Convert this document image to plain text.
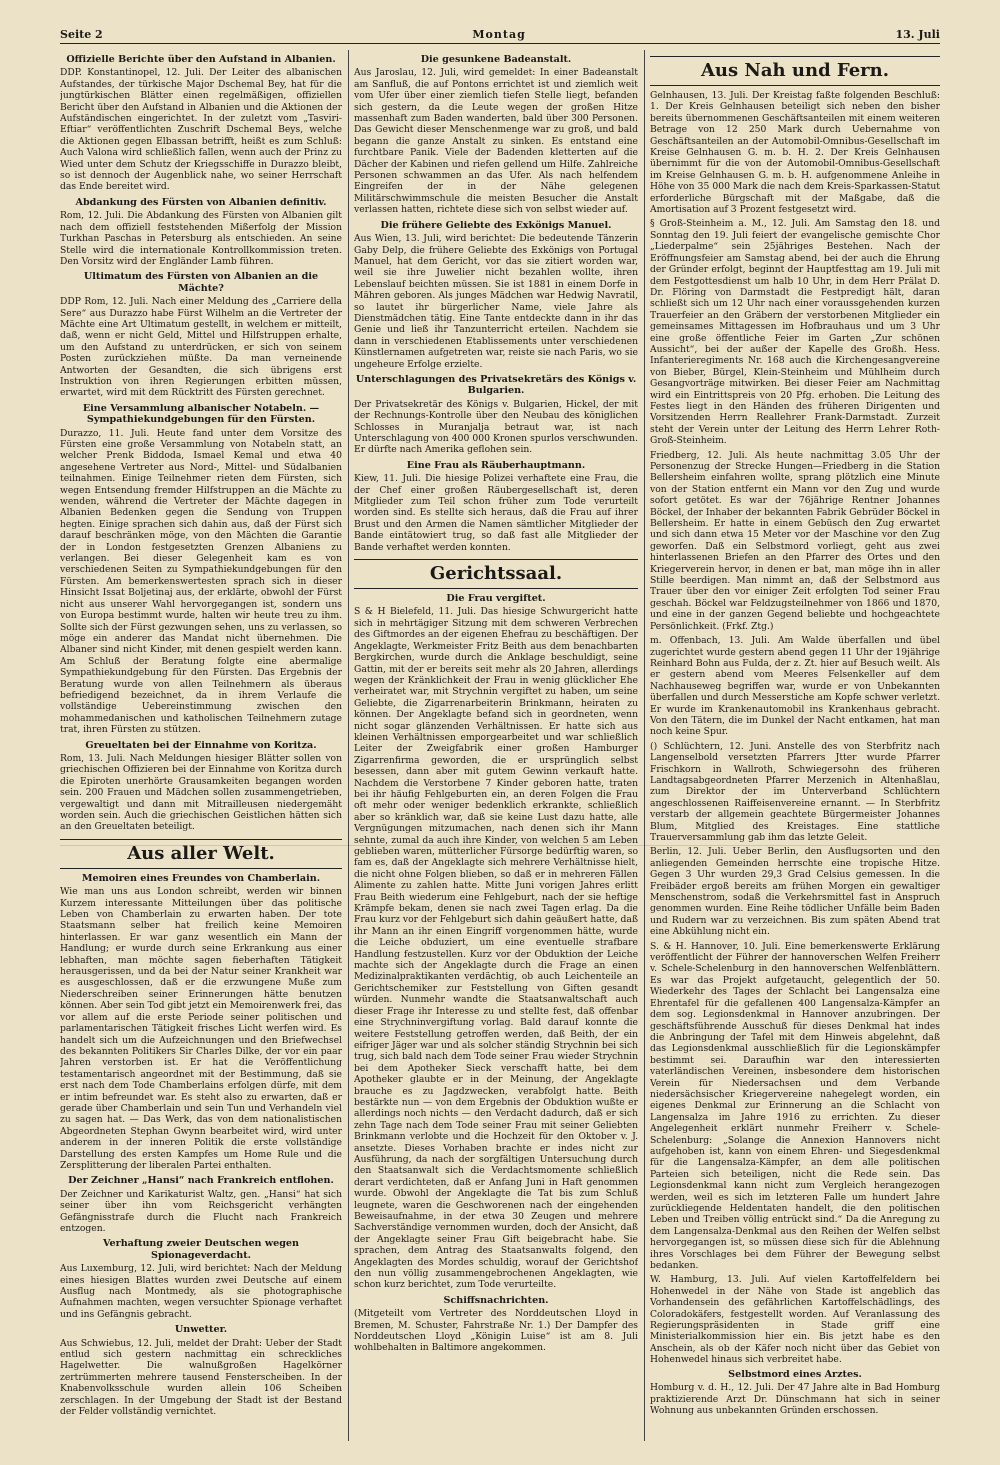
Seite 2	Montag	13. Juli
Offizielle Berichte über den Aufstand in Albanien.

DDP. Konstantinopel, 12. Juli. Der Leiter des albanischen Aufstandes, der türkische Major Dschemal Bey, hat für die jungtürkischen Blätter einen regelmäßigen, offiziellen Bericht über den Aufstand in Albanien und die Aktionen der Aufständischen eingerichtet. In der zuletzt vom „Tasviri-Eftiar“ veröffentlichten Zuschrift Dschemal Beys, welche die Aktionen gegen Elbassan betrifft, heißt es zum Schluß: Auch Valona wird schließlich fallen, wenn auch der Prinz zu Wied unter dem Schutz der Kriegsschiffe in Durazzo bleibt, so ist dennoch der Augenblick nahe, wo seiner Herrschaft das Ende bereitet wird.

Abdankung des Fürsten von Albanien definitiv.

Rom, 12. Juli. Die Abdankung des Fürsten von Albanien gilt nach dem offiziell feststehenden Mißerfolg der Mission Turkhan Paschas in Petersburg als entschieden. An seine Stelle wird die internationale Kontrollkommission treten. Den Vorsitz wird der Engländer Lamb führen.

Ultimatum des Fürsten von Albanien an die Mächte?

DDP Rom, 12. Juli. Nach einer Meldung des „Carriere della Sere“ aus Durazzo habe Fürst Wilhelm an die Vertreter der Mächte eine Art Ultimatum gestellt, in welchem er mitteilt, daß, wenn er nicht Geld, Mittel und Hilfstruppen erhalte, um den Aufstand zu unterdrücken, er sich von seinem Posten zurückziehen müßte. Da man verneinende Antworten der Gesandten, die sich übrigens erst Instruktion von ihren Regierungen erbitten müssen, erwartet, wird mit dem Rücktritt des Fürsten gerechnet.

Eine Versammlung albanischer Notabeln. — Sympathiekundgebungen für den Fürsten.

Durazzo, 11. Juli. Heute fand unter dem Vorsitze des Fürsten eine große Versammlung von Notabeln statt, an welcher Prenk Biddoda, Ismael Kemal und etwa 40 angesehene Vertreter aus Nord-, Mittel- und Südalbanien teilnahmen. Einige Teilnehmer rieten dem Fürsten, sich wegen Entsendung fremder Hilfstruppen an die Mächte zu wenden, während die Vertreter der Mächte dagegen in Albanien Bedenken gegen die Sendung von Truppen hegten. Einige sprachen sich dahin aus, daß der Fürst sich darauf beschränken möge, von den Mächten die Garantie der in London festgesetzten Grenzen Albaniens zu verlangen. Bei dieser Gelegenheit kam es von verschiedenen Seiten zu Sympathiekundgebungen für den Fürsten. Am bemerkenswertesten sprach sich in dieser Hinsicht Issat Boljetinaj aus, der erklärte, obwohl der Fürst nicht aus unserer Wahl hervorgegangen ist, sondern uns von Europa bestimmt wurde, halten wir heute treu zu ihm. Sollte sich der Fürst gezwungen sehen, uns zu verlassen, so möge ein anderer das Mandat nicht übernehmen. Die Albaner sind nicht Kinder, mit denen gespielt werden kann. Am Schluß der Beratung folgte eine abermalige Sympathiekundgebung für den Fürsten. Das Ergebnis der Beratung wurde von allen Teilnehmern als überaus befriedigend bezeichnet, da in ihrem Verlaufe die vollständige Uebereinstimmung zwischen den mohammedanischen und katholischen Teilnehmern zutage trat, ihren Fürsten zu stützen.

Greueltaten bei der Einnahme von Koritza.

Rom, 13. Juli. Nach Meldungen hiesiger Blätter sollen von griechischen Offizieren bei der Einnahme von Koritza durch die Epiroten unerhörte Grausamkeiten begangen worden sein. 200 Frauen und Mädchen sollen zusammengetrieben, vergewaltigt und dann mit Mitrailleusen niedergemäht worden sein. Auch die griechischen Geistlichen hätten sich an den Greueltaten beteiligt.

Aus aller Welt.
Memoiren eines Freundes von Chamberlain.

Wie man uns aus London schreibt, werden wir binnen Kurzem interessante Mitteilungen über das politische Leben von Chamberlain zu erwarten haben. Der tote Staatsmann selber hat freilich keine Memoiren hinterlassen. Er war ganz wesentlich ein Mann der Handlung; er wurde durch seine Erkrankung aus einer lebhaften, man möchte sagen fieberhaften Tätigkeit herausgerissen, und da bei der Natur seiner Krankheit war es ausgeschlossen, daß er die erzwungene Muße zum Niederschreiben seiner Erinnerungen hätte benutzen können. Aber sein Tod gibt jetzt ein Memoirenwerk frei, das vor allem auf die erste Periode seiner politischen und parlamentarischen Tätigkeit frisches Licht werfen wird. Es handelt sich um die Aufzeichnungen und den Briefwechsel des bekannten Politikers Sir Charles Dilke, der vor ein paar Jahren verstorben ist. Er hat die Veröffentlichung testamentarisch angeordnet mit der Bestimmung, daß sie erst nach dem Tode Chamberlains erfolgen dürfe, mit dem er intim befreundet war. Es steht also zu erwarten, daß er gerade über Chamberlain und sein Tun und Verhandeln viel zu sagen hat. — Das Werk, das von dem nationalistischen Abgeordneten Stephan Gwynn bearbeitet wird, wird unter anderem in der inneren Politik die erste vollständige Darstellung des ersten Kampfes um Home Rule und die Zersplitterung der liberalen Partei enthalten.

Der Zeichner „Hansi“ nach Frankreich entflohen.

Der Zeichner und Karikaturist Waltz, gen. „Hansi“ hat sich seiner über ihn vom Reichsgericht verhängten Gefängnisstrafe durch die Flucht nach Frankreich entzogen.

Verhaftung zweier Deutschen wegen Spionageverdacht.

Aus Luxemburg, 12. Juli, wird berichtet: Nach der Meldung eines hiesigen Blattes wurden zwei Deutsche auf einem Ausflug nach Montmedy, als sie photographische Aufnahmen machten, wegen versuchter Spionage verhaftet und ins Gefängnis gebracht.

Unwetter.

Aus Schwiebus, 12. Juli, meldet der Draht: Ueber der Stadt entlud sich gestern nachmittag ein schreckliches Hagelwetter. Die walnußgroßen Hagelkörner zertrümmerten mehrere tausend Fensterscheiben. In der Knabenvolksschule wurden allein 106 Scheiben zerschlagen. In der Umgebung der Stadt ist der Bestand der Felder vollständig vernichtet.

Die gesunkene Badeanstalt.

Aus Jaroslau, 12. Juli, wird gemeldet: In einer Badeanstalt am Sanfluß, die auf Pontons errichtet ist und ziemlich weit vom Ufer über einer ziemlich tiefen Stelle liegt, befanden sich gestern, da die Leute wegen der großen Hitze massenhaft zum Baden wanderten, bald über 300 Personen. Das Gewicht dieser Menschenmenge war zu groß, und bald begann die ganze Anstalt zu sinken. Es entstand eine furchtbare Panik. Viele der Badenden kletterten auf die Dächer der Kabinen und riefen gellend um Hilfe. Zahlreiche Personen schwammen an das Ufer. Als nach helfendem Eingreifen der in der Nähe gelegenen Militärschwimmschule die meisten Besucher die Anstalt verlassen hatten, richtete diese sich von selbst wieder auf.

Die frühere Geliebte des Exkönigs Manuel.

Aus Wien, 13. Juli, wird berichtet: Die bedeutende Tänzerin Gaby Delp, die frühere Geliebte des Exkönigs von Portugal Manuel, hat dem Gericht, vor das sie zitiert worden war, weil sie ihre Juwelier nicht bezahlen wollte, ihren Lebenslauf beichten müssen. Sie ist 1881 in einem Dorfe in Mähren geboren. Als junges Mädchen war Hedwig Navratil, so lautet ihr bürgerlicher Name, viele Jahre als Dienstmädchen tätig. Eine Tante entdeckte dann in ihr das Genie und ließ ihr Tanzunterricht erteilen. Nachdem sie dann in verschiedenen Etablissements unter verschiedenen Künstlernamen aufgetreten war, reiste sie nach Paris, wo sie ungeheure Erfolge erzielte.

Unterschlagungen des Privatsekretärs des Königs v. Bulgarien.

Der Privatsekretär des Königs v. Bulgarien, Hickel, der mit der Rechnungs-Kontrolle über den Neubau des königlichen Schlosses in Muranjalja betraut war, ist nach Unterschlagung von 400 000 Kronen spurlos verschwunden. Er dürfte nach Amerika geflohen sein.

Eine Frau als Räuberhauptmann.

Kiew, 11. Juli. Die hiesige Polizei verhaftete eine Frau, die der Chef einer großen Räubergesellschaft ist, deren Mitglieder zum Teil schon früher zum Tode verurteilt worden sind. Es stellte sich heraus, daß die Frau auf ihrer Brust und den Armen die Namen sämtlicher Mitglieder der Bande eintätowiert trug, so daß fast alle Mitglieder der Bande verhaftet werden konnten.

Gerichtssaal.
Die Frau vergiftet.

S & H Bielefeld, 11. Juli. Das hiesige Schwurgericht hatte sich in mehrtägiger Sitzung mit dem schweren Verbrechen des Giftmordes an der eigenen Ehefrau zu beschäftigen. Der Angeklagte, Werkmeister Fritz Beith aus dem benachbarten Bergkirchen, wurde durch die Anklage beschuldigt, seine Gattin, mit der er bereits seit mehr als 20 Jahren, allerdings wegen der Kränklichkeit der Frau in wenig glücklicher Ehe verheiratet war, mit Strychnin vergiftet zu haben, um seine Geliebte, die Zigarrenarbeiterin Brinkmann, heiraten zu können. Der Angeklagte befand sich in geordneten, wenn nicht sogar glänzenden Verhältnissen. Er hatte sich aus kleinen Verhältnissen emporgearbeitet und war schließlich Leiter der Zweigfabrik einer großen Hamburger Zigarrenfirma geworden, die er ursprünglich selbst besessen, dann aber mit gutem Gewinn verkauft hatte. Nachdem die Verstorbene 7 Kinder geboren hatte, traten bei ihr häufig Fehlgeburten ein, an deren Folgen die Frau oft mehr oder weniger bedenklich erkrankte, schließlich aber so kränklich war, daß sie keine Lust dazu hatte, alle Vergnügungen mitzumachen, nach denen sich ihr Mann sehnte, zumal da auch ihre Kinder, von welchen 5 am Leben geblieben waren, mütterlicher Fürsorge bedürftig waren, so fam es, daß der Angeklagte sich mehrere Verhältnisse hielt, die nicht ohne Folgen blieben, so daß er in mehreren Fällen Alimente zu zahlen hatte. Mitte Juni vorigen Jahres erlitt Frau Beith wiederum eine Fehlgeburt, nach der sie heftige Krämpfe bekam, denen sie nach zwei Tagen erlag. Da die Frau kurz vor der Fehlgeburt sich dahin geäußert hatte, daß ihr Mann an ihr einen Eingriff vorgenommen hätte, wurde die Leiche obduziert, um eine eventuelle strafbare Handlung festzustellen. Kurz vor der Obduktion der Leiche machte sich der Angeklagte durch die Frage an einen Medizinalpraktikanten verdächtig, ob auch Leichenteile an Gerichtschemiker zur Feststellung von Giften gesandt würden. Nunmehr wandte die Staatsanwaltschaft auch dieser Frage ihr Interesse zu und stellte fest, daß offenbar eine Strychninvergiftung vorlag. Bald darauf konnte die weitere Feststellung getroffen werden, daß Beith, der ein eifriger Jäger war und als solcher ständig Strychnin bei sich trug, sich bald nach dem Tode seiner Frau wieder Strychnin bei dem Apotheker Sieck verschafft hatte, bei dem Apotheker glaubte er in der Meinung, der Angeklagte brauche es zu Jagdzwecken, verabfolgt hatte. Beith bestärkte nun — von dem Ergebnis der Obduktion wußte er allerdings noch nichts — den Verdacht dadurch, daß er sich zehn Tage nach dem Tode seiner Frau mit seiner Geliebten Brinkmann verlobte und die Hochzeit für den Oktober v. J. ansetzte. Dieses Vorhaben brachte er indes nicht zur Ausführung, da nach der sorgfältigen Untersuchung durch den Staatsanwalt sich die Verdachtsmomente schließlich derart verdichteten, daß er Anfang Juni in Haft genommen wurde. Obwohl der Angeklagte die Tat bis zum Schluß leugnete, waren die Geschworenen nach der eingehenden Beweisaufnahme, in der etwa 30 Zeugen und mehrere Sachverständige vernommen wurden, doch der Ansicht, daß der Angeklagte seiner Frau Gift beigebracht habe. Sie sprachen, dem Antrag des Staatsanwalts folgend, den Angeklagten des Mordes schuldig, worauf der Gerichtshof den nun völlig zusammengebrochenen Angeklagten, wie schon kurz berichtet, zum Tode verurteilte.

Schiffsnachrichten.

(Mitgeteilt vom Vertreter des Norddeutschen Lloyd in Bremen, M. Schuster, Fahrstraße Nr. 1.) Der Dampfer des Norddeutschen Lloyd „Königin Luise“ ist am 8. Juli wohlbehalten in Baltimore angekommen.

Aus Nah und Fern.

Gelnhausen, 13. Juli. Der Kreistag faßte folgenden Beschluß: 1. Der Kreis Gelnhausen beteiligt sich neben den bisher bereits übernommenen Geschäftsanteilen mit einem weiteren Betrage von 12 250 Mark durch Uebernahme von Geschäftsanteilen an der Automobil-Omnibus-Gesellschaft im Kreise Gelnhausen G. m. b. H. 2. Der Kreis Gelnhausen übernimmt für die von der Automobil-Omnibus-Gesellschaft im Kreise Gelnhausen G. m. b. H. aufgenommene Anleihe in Höhe von 35 000 Mark die nach dem Kreis-Sparkassen-Statut erforderliche Bürgschaft mit der Maßgabe, daß die Amortisation auf 3 Prozent festgesetzt wird.

§ Groß-Steinheim a. M., 12. Juli. Am Samstag den 18. und Sonntag den 19. Juli feiert der evangelische gemischte Chor „Liederpalme“ sein 25jähriges Bestehen. Nach der Eröffnungsfeier am Samstag abend, bei der auch die Ehrung der Gründer erfolgt, beginnt der Hauptfesttag am 19. Juli mit dem Festgottesdienst um halb 10 Uhr, in dem Herr Prälat D. Dr. Flöring von Darmstadt die Festpredigt hält, daran schließt sich um 12 Uhr nach einer voraussgehenden kurzen Trauerfeier an den Gräbern der verstorbenen Mitglieder ein gemeinsames Mittagessen im Hofbrauhaus und um 3 Uhr eine große öffentliche Feier im Garten „Zur schönen Aussicht“, bei der außer der Kapelle des Großh. Hess. Infanterieregiments Nr. 168 auch die Kirchengesangvereine von Bieber, Bürgel, Klein-Steinheim und Mühlheim durch Gesangvorträge mitwirken. Bei dieser Feier am Nachmittag wird ein Eintrittspreis von 20 Pfg. erhoben. Die Leitung des Festes liegt in den Händen des früheren Dirigenten und Vorsitzenden Herrn Reallehrer Frank-Darmstadt. Zurzeit steht der Verein unter der Leitung des Herrn Lehrer Roth-Groß-Steinheim.

Friedberg, 12. Juli. Als heute nachmittag 3.05 Uhr der Personenzug der Strecke Hungen—Friedberg in die Station Bellersheim einfahren wollte, sprang plötzlich eine Minute von der Station entfernt ein Mann vor den Zug und wurde sofort getötet. Es war der 76jährige Rentner Johannes Böckel, der Inhaber der bekannten Fabrik Gebrüder Böckel in Bellersheim. Er hatte in einem Gebüsch den Zug erwartet und sich dann etwa 15 Meter vor der Maschine vor den Zug geworfen. Daß ein Selbstmord vorliegt, geht aus zwei hinterlassenen Briefen an den Pfarrer des Ortes und den Kriegerverein hervor, in denen er bat, man möge ihn in aller Stille beerdigen. Man nimmt an, daß der Selbstmord aus Trauer über den vor einiger Zeit erfolgten Tod seiner Frau geschah. Böckel war Feldzugsteilnehmer von 1866 und 1870, und eine in der ganzen Gegend beliebte und hochgeachtete Persönlichkeit. (Frkf. Ztg.)

m. Offenbach, 13. Juli. Am Walde überfallen und übel zugerichtet wurde gestern abend gegen 11 Uhr der 19jährige Reinhard Bohn aus Fulda, der z. Zt. hier auf Besuch weilt. Als er gestern abend vom Meeres Felsenkeller auf dem Nachhauseweg begriffen war, wurde er von Unbekannten überfallen und durch Messerstiche am Kopfe schwer verletzt. Er wurde im Krankenautomobil ins Krankenhaus gebracht. Von den Tätern, die im Dunkel der Nacht entkamen, hat man noch keine Spur.

() Schlüchtern, 12. Juni. Anstelle des von Sterbfritz nach Langenselbold versetzten Pfarrers Jtter wurde Pfarrer Frischkorn in Wallroth, Schwiegersohn des früheren Landtagsabgeordneten Pfarrer Merzenich in Altenhaßlau, zum Direktor der im Unterverband Schlüchtern angeschlossenen Raiffeisenvereine ernannt. — In Sterbfritz verstarb der allgemein geachtete Bürgermeister Johannes Blum, Mitglied des Kreistages. Eine stattliche Trauerversammlung gab ihm das letzte Geleit.

Berlin, 12. Juli. Ueber Berlin, den Ausflugsorten und den anliegenden Gemeinden herrschte eine tropische Hitze. Gegen 3 Uhr wurden 29,3 Grad Celsius gemessen. In die Freibäder ergoß bereits am frühen Morgen ein gewaltiger Menschenstrom, sodaß die Verkehrsmittel fast in Anspruch genommen wurden. Eine Reihe tödlicher Unfälle beim Baden und Rudern war zu verzeichnen. Bis zum späten Abend trat eine Abkühlung nicht ein.

S. & H. Hannover, 10. Juli. Eine bemerkenswerte Erklärung veröffentlicht der Führer der hannoverschen Welfen Freiherr v. Schele-Schelenburg in den hannoverschen Welfenblättern. Es war das Projekt aufgetaucht, gelegentlich der 50. Wiederkehr des Tages der Schlacht bei Langensalza eine Ehrentafel für die gefallenen 400 Langensalza-Kämpfer an dem sog. Legionsdenkmal in Hannover anzubringen. Der geschäftsführende Ausschuß für dieses Denkmal hat indes die Anbringung der Tafel mit dem Hinweis abgelehnt, daß das Legionsdenkmal ausschließlich für die Legionskämpfer bestimmt sei. Daraufhin war den interessierten vaterländischen Vereinen, insbesondere dem historischen Verein für Niedersachsen und dem Verbande niedersächsischer Kriegervereine nahegelegt worden, ein eigenes Denkmal zur Erinnerung an die Schlacht von Langensalza im Jahre 1916 zu errichten. Zu dieser Angelegenheit erklärt nunmehr Freiherr v. Schele-Schelenburg: „Solange die Annexion Hannovers nicht aufgehoben ist, kann von einem Ehren- und Siegesdenkmal für die Langensalza-Kämpfer, an dem alle politischen Parteien sich beteiligen, nicht die Rede sein. Das Legionsdenkmal kann nicht zum Vergleich herangezogen werden, weil es sich im letzteren Falle um hundert Jahre zurückliegende Heldentaten handelt, die den politischen Leben und Treiben völlig entrückt sind.“ Da die Anregung zu dem Langensalza-Denkmal aus den Reihen der Welfen selbst hervorgegangen ist, so müssen diese sich für die Ablehnung ihres Vorschlages bei dem Führer der Bewegung selbst bedanken.

W. Hamburg, 13. Juli. Auf vielen Kartoffelfeldern bei Hohenwedel in der Nähe von Stade ist angeblich das Vorhandensein des gefährlichen Kartoffelschädlings, des Coloradokäfers, festgestellt worden. Auf Veranlassung des Regierungspräsidenten in Stade griff eine Ministerialkommission hier ein. Bis jetzt habe es den Anschein, als ob der Käfer noch nicht über das Gebiet von Hohenwedel hinaus sich verbreitet habe.

Selbstmord eines Arztes.

Homburg v. d. H., 12. Juli. Der 47 Jahre alte in Bad Homburg praktizierende Arzt Dr. Dünschmann hat sich in seiner Wohnung aus unbekannten Gründen erschossen.
